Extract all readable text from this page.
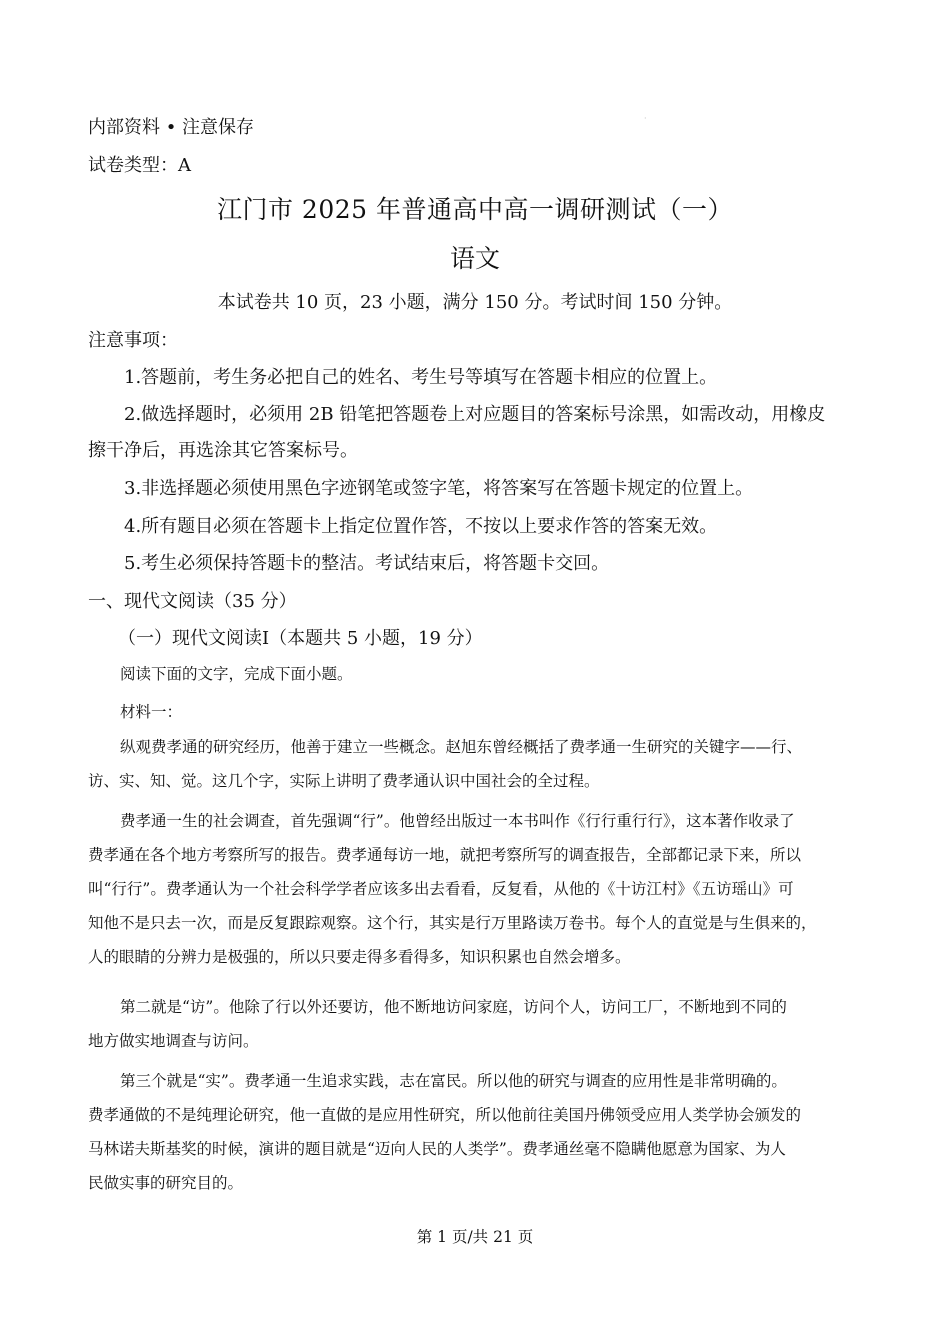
·
内部资料 • 注意保存
试卷类型：A
江门市 2025 年普通高中高一调研测试（一）
语文
本试卷共 10 页，23 小题，满分 150 分。考试时间 150 分钟。
注意事项：
1.答题前，考生务必把自己的姓名、考生号等填写在答题卡相应的位置上。
2.做选择题时，必须用 2B 铅笔把答题卷上对应题目的答案标号涂黑，如需改动，用橡皮
擦干净后，再选涂其它答案标号。
3.非选择题必须使用黑色字迹钢笔或签字笔，将答案写在答题卡规定的位置上。
4.所有题目必须在答题卡上指定位置作答，不按以上要求作答的答案无效。
5.考生必须保持答题卡的整洁。考试结束后，将答题卡交回。
一、现代文阅读（35 分）
（一）现代文阅读Ⅰ（本题共 5 小题，19 分）
阅读下面的文字，完成下面小题。
材料一：
纵观费孝通的研究经历，他善于建立一些概念。赵旭东曾经概括了费孝通一生研究的关键字——行、
访、实、知、觉。这几个字，实际上讲明了费孝通认识中国社会的全过程。
费孝通一生的社会调查，首先强调“行”。他曾经出版过一本书叫作《行行重行行》，这本著作收录了
费孝通在各个地方考察所写的报告。费孝通每访一地，就把考察所写的调查报告，全部都记录下来，所以
叫“行行”。费孝通认为一个社会科学学者应该多出去看看，反复看，从他的《十访江村》《五访瑶山》可
知他不是只去一次，而是反复跟踪观察。这个行，其实是行万里路读万卷书。每个人的直觉是与生俱来的，
人的眼睛的分辨力是极强的，所以只要走得多看得多，知识积累也自然会增多。
第二就是“访”。他除了行以外还要访，他不断地访问家庭，访问个人，访问工厂，不断地到不同的
地方做实地调查与访问。
第三个就是“实”。费孝通一生追求实践，志在富民。所以他的研究与调查的应用性是非常明确的。
费孝通做的不是纯理论研究，他一直做的是应用性研究，所以他前往美国丹佛领受应用人类学协会颁发的
马林诺夫斯基奖的时候，演讲的题目就是“迈向人民的人类学”。费孝通丝毫不隐瞒他愿意为国家、为人
民做实事的研究目的。
第 1 页/共 21 页
